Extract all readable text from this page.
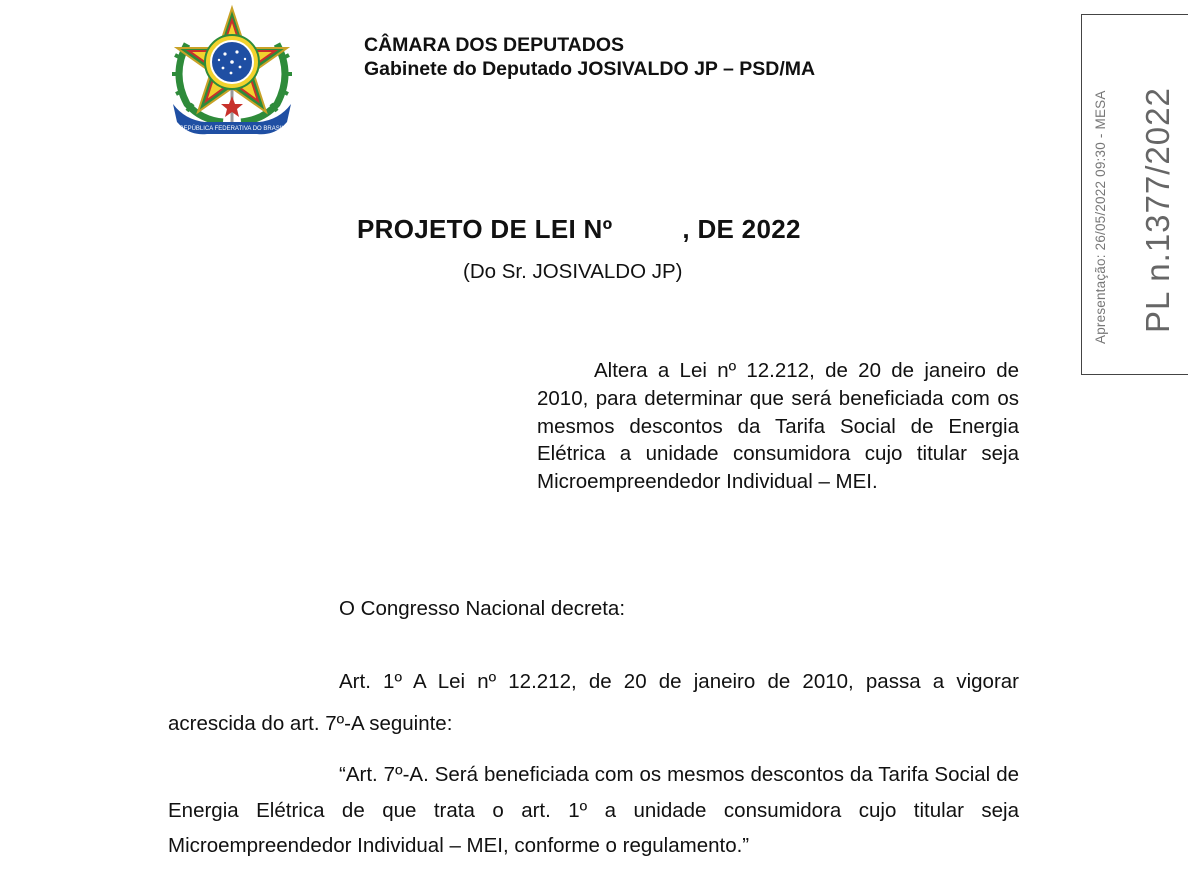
REPÚBLICA FEDERATIVA DO BRASIL
CÂMARA DOS DEPUTADOS
Gabinete do Deputado JOSIVALDO JP – PSD/MA
Apresentação: 26/05/2022 09:30 - MESA PL n.1377/2022
PROJETO DE LEI Nº	, DE 2022
(Do Sr. JOSIVALDO JP)
Altera a Lei nº 12.212, de 20 de janeiro de 2010, para determinar que será beneficiada com os mesmos descontos da Tarifa Social de Energia Elétrica a unidade consumidora cujo titular seja Microempreendedor Individual – MEI.
O Congresso Nacional decreta:
Art. 1º A Lei nº 12.212, de 20 de janeiro de 2010, passa a vigorar acrescida do art. 7º-A seguinte:
“Art. 7º-A. Será beneficiada com os mesmos descontos da Tarifa Social de Energia Elétrica de que trata o art. 1º a unidade consumidora cujo titular seja Microempreendedor Individual – MEI, conforme o regulamento.”
